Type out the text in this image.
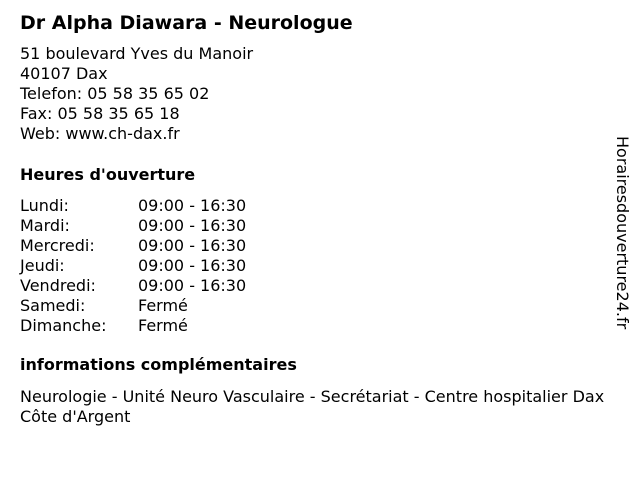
Dr Alpha Diawara - Neurologue
51 boulevard Yves du Manoir
40107 Dax
Telefon: 05 58 35 65 02
Fax: 05 58 35 65 18
Web: www.ch-dax.fr
Heures d'ouverture
Lundi:	09:00 - 16:30
Mardi:	09:00 - 16:30
Mercredi:	09:00 - 16:30
Jeudi:	09:00 - 16:30
Vendredi:	09:00 - 16:30
Samedi:	Fermé
Dimanche:	Fermé
informations complémentaires
Neurologie - Unité Neuro Vasculaire - Secrétariat - Centre hospitalier Dax Côte d'Argent
Horairesdouverture24.fr
